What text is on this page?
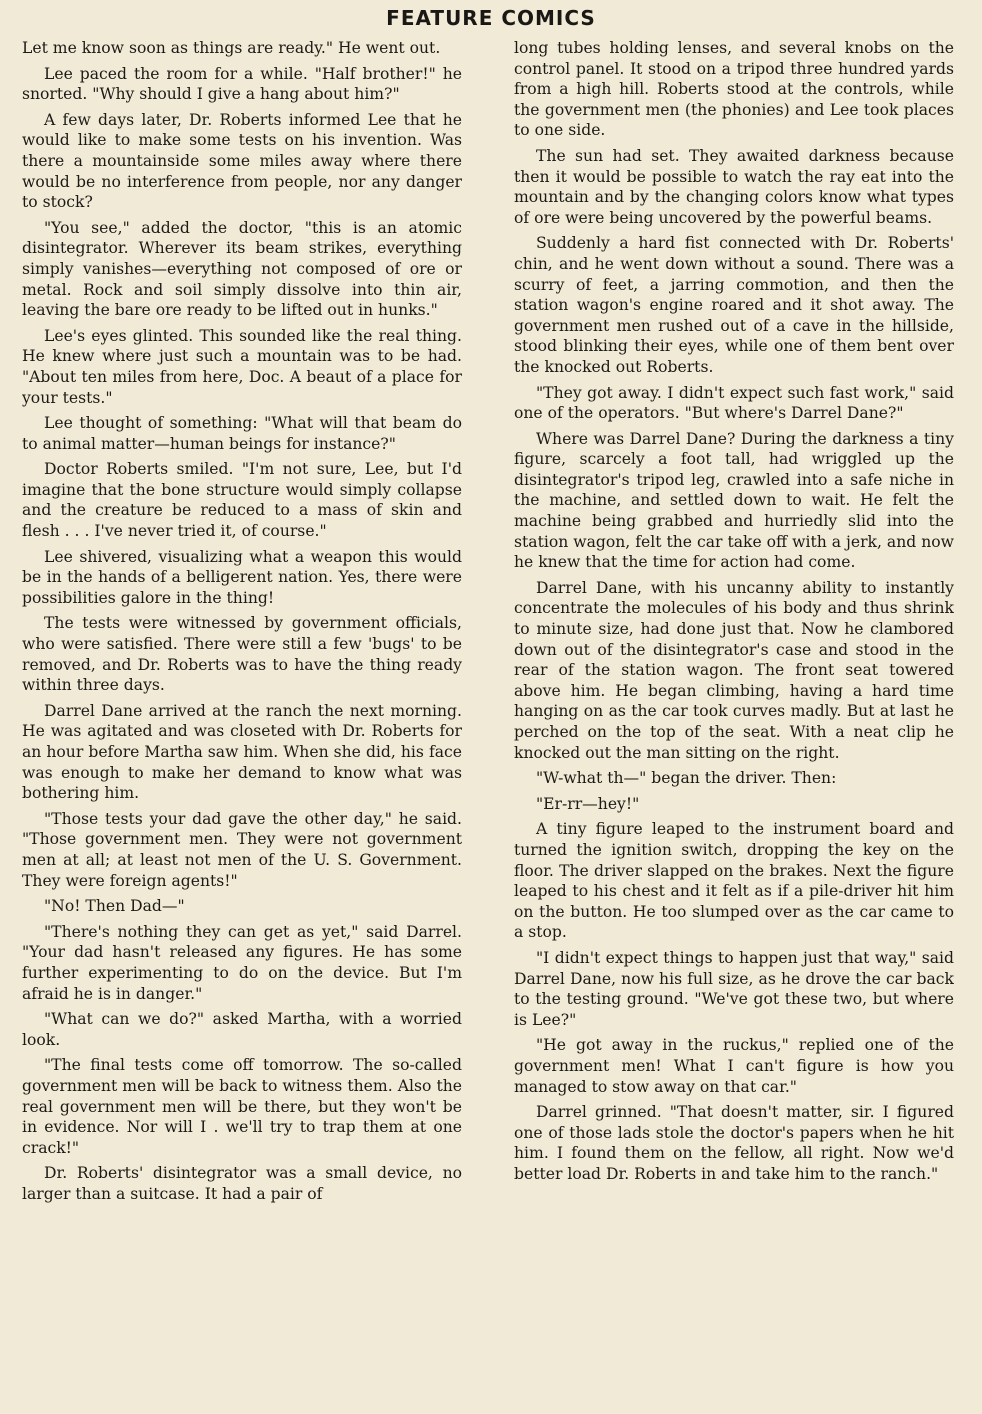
FEATURE COMICS

Let me know soon as things are ready." He went out.

Lee paced the room for a while. "Half brother!" he snorted. "Why should I give a hang about him?"

A few days later, Dr. Roberts informed Lee that he would like to make some tests on his invention. Was there a mountainside some miles away where there would be no interference from people, nor any danger to stock?

"You see," added the doctor, "this is an atomic disintegrator. Wherever its beam strikes, everything simply vanishes—everything not composed of ore or metal. Rock and soil simply dissolve into thin air, leaving the bare ore ready to be lifted out in hunks."

Lee's eyes glinted. This sounded like the real thing. He knew where just such a mountain was to be had. "About ten miles from here, Doc. A beaut of a place for your tests."

Lee thought of something: "What will that beam do to animal matter—human beings for instance?"

Doctor Roberts smiled. "I'm not sure, Lee, but I'd imagine that the bone structure would simply collapse and the creature be reduced to a mass of skin and flesh . . . I've never tried it, of course."

Lee shivered, visualizing what a weapon this would be in the hands of a belligerent nation. Yes, there were possibilities galore in the thing!

The tests were witnessed by government officials, who were satisfied. There were still a few 'bugs' to be removed, and Dr. Roberts was to have the thing ready within three days.

Darrel Dane arrived at the ranch the next morning. He was agitated and was closeted with Dr. Roberts for an hour before Martha saw him. When she did, his face was enough to make her demand to know what was bothering him.

"Those tests your dad gave the other day," he said. "Those government men. They were not government men at all; at least not men of the U. S. Government. They were foreign agents!"

"No! Then Dad—"

"There's nothing they can get as yet," said Darrel. "Your dad hasn't released any figures. He has some further experimenting to do on the device. But I'm afraid he is in danger."

"What can we do?" asked Martha, with a worried look.

"The final tests come off tomorrow. The so-called government men will be back to witness them. Also the real government men will be there, but they won't be in evidence. Nor will I . we'll try to trap them at one crack!"

Dr. Roberts' disintegrator was a small device, no larger than a suitcase. It had a pair of

long tubes holding lenses, and several knobs on the control panel. It stood on a tripod three hundred yards from a high hill. Roberts stood at the controls, while the government men (the phonies) and Lee took places to one side.

The sun had set. They awaited darkness because then it would be possible to watch the ray eat into the mountain and by the changing colors know what types of ore were being uncovered by the powerful beams.

Suddenly a hard fist connected with Dr. Roberts' chin, and he went down without a sound. There was a scurry of feet, a jarring commotion, and then the station wagon's engine roared and it shot away. The government men rushed out of a cave in the hillside, stood blinking their eyes, while one of them bent over the knocked out Roberts.

"They got away. I didn't expect such fast work," said one of the operators. "But where's Darrel Dane?"

Where was Darrel Dane? During the darkness a tiny figure, scarcely a foot tall, had wriggled up the disintegrator's tripod leg, crawled into a safe niche in the machine, and settled down to wait. He felt the machine being grabbed and hurriedly slid into the station wagon, felt the car take off with a jerk, and now he knew that the time for action had come.

Darrel Dane, with his uncanny ability to instantly concentrate the molecules of his body and thus shrink to minute size, had done just that. Now he clambored down out of the disintegrator's case and stood in the rear of the station wagon. The front seat towered above him. He began climbing, having a hard time hanging on as the car took curves madly. But at last he perched on the top of the seat. With a neat clip he knocked out the man sitting on the right.

"W-what th—" began the driver. Then:

"Er-rr—hey!"

A tiny figure leaped to the instrument board and turned the ignition switch, dropping the key on the floor. The driver slapped on the brakes. Next the figure leaped to his chest and it felt as if a pile-driver hit him on the button. He too slumped over as the car came to a stop.

"I didn't expect things to happen just that way," said Darrel Dane, now his full size, as he drove the car back to the testing ground. "We've got these two, but where is Lee?"

"He got away in the ruckus," replied one of the government men! What I can't figure is how you managed to stow away on that car."

Darrel grinned. "That doesn't matter, sir. I figured one of those lads stole the doctor's papers when he hit him. I found them on the fellow, all right. Now we'd better load Dr. Roberts in and take him to the ranch."
